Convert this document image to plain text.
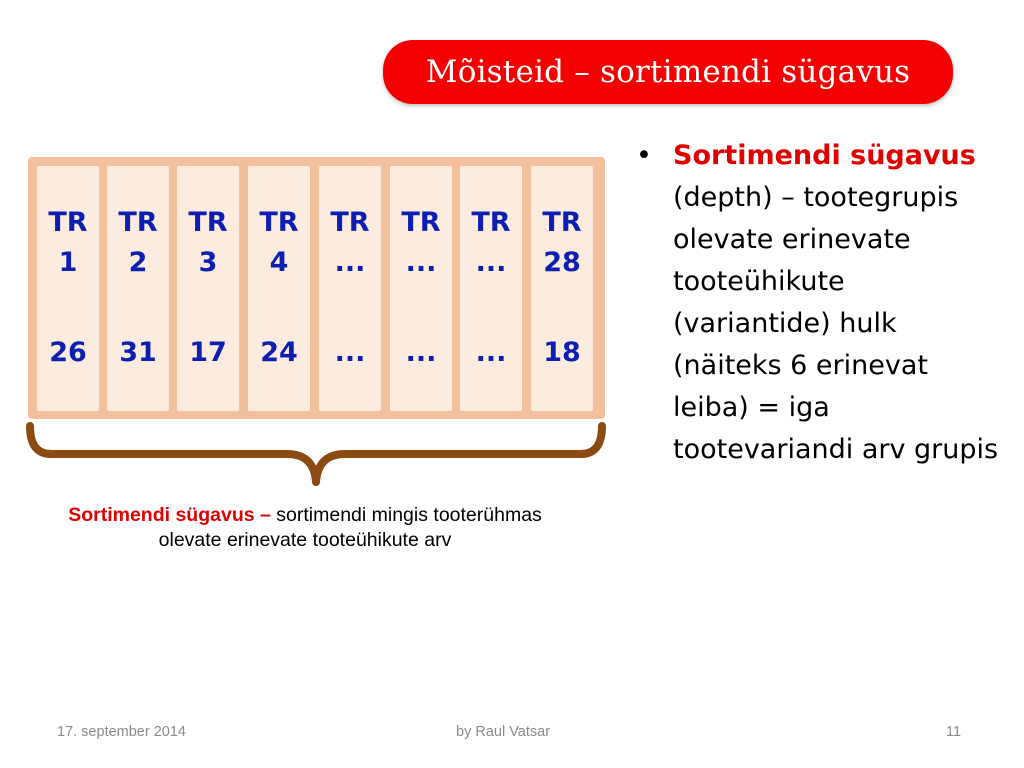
Mõisteid – sortimendi sügavus
TR
1
26
TR
2
31
TR
3
17
TR
4
24
TR
...
...
TR
...
...
TR
...
...
TR
28
18
Sortimendi sügavus – sortimendi mingis tooterühmas olevate erinevate tooteühikute arv
• Sortimendi sügavus (depth) – tootegrupis olevate erinevate tooteühikute (variantide) hulk (näiteks 6 erinevat leiba) = iga tootevariandi arv grupis
17. september 2014	by Raul Vatsar	11
